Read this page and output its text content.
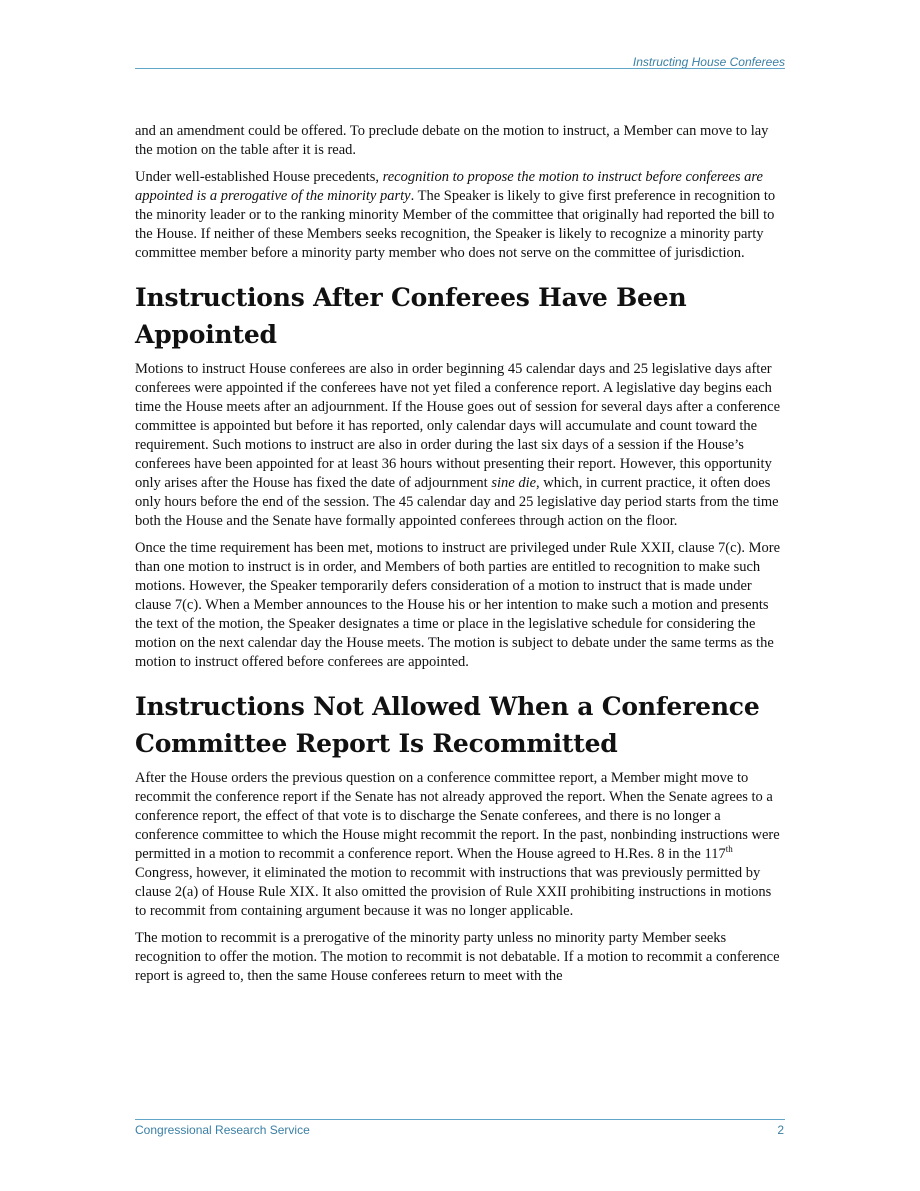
Instructing House Conferees

and an amendment could be offered. To preclude debate on the motion to instruct, a Member can move to lay the motion on the table after it is read.

Under well-established House precedents, recognition to propose the motion to instruct before conferees are appointed is a prerogative of the minority party. The Speaker is likely to give first preference in recognition to the minority leader or to the ranking minority Member of the committee that originally had reported the bill to the House. If neither of these Members seeks recognition, the Speaker is likely to recognize a minority party committee member before a minority party member who does not serve on the committee of jurisdiction.

Instructions After Conferees Have Been Appointed

Motions to instruct House conferees are also in order beginning 45 calendar days and 25 legislative days after conferees were appointed if the conferees have not yet filed a conference report. A legislative day begins each time the House meets after an adjournment. If the House goes out of session for several days after a conference committee is appointed but before it has reported, only calendar days will accumulate and count toward the requirement. Such motions to instruct are also in order during the last six days of a session if the House’s conferees have been appointed for at least 36 hours without presenting their report. However, this opportunity only arises after the House has fixed the date of adjournment sine die, which, in current practice, it often does only hours before the end of the session. The 45 calendar day and 25 legislative day period starts from the time both the House and the Senate have formally appointed conferees through action on the floor.

Once the time requirement has been met, motions to instruct are privileged under Rule XXII, clause 7(c). More than one motion to instruct is in order, and Members of both parties are entitled to recognition to make such motions. However, the Speaker temporarily defers consideration of a motion to instruct that is made under clause 7(c). When a Member announces to the House his or her intention to make such a motion and presents the text of the motion, the Speaker designates a time or place in the legislative schedule for considering the motion on the next calendar day the House meets. The motion is subject to debate under the same terms as the motion to instruct offered before conferees are appointed.

Instructions Not Allowed When a Conference Committee Report Is Recommitted

After the House orders the previous question on a conference committee report, a Member might move to recommit the conference report if the Senate has not already approved the report. When the Senate agrees to a conference report, the effect of that vote is to discharge the Senate conferees, and there is no longer a conference committee to which the House might recommit the report. In the past, nonbinding instructions were permitted in a motion to recommit a conference report. When the House agreed to H.Res. 8 in the 117th Congress, however, it eliminated the motion to recommit with instructions that was previously permitted by clause 2(a) of House Rule XIX. It also omitted the provision of Rule XXII prohibiting instructions in motions to recommit from containing argument because it was no longer applicable.

The motion to recommit is a prerogative of the minority party unless no minority party Member seeks recognition to offer the motion. The motion to recommit is not debatable. If a motion to recommit a conference report is agreed to, then the same House conferees return to meet with the

Congressional Research Service	2
